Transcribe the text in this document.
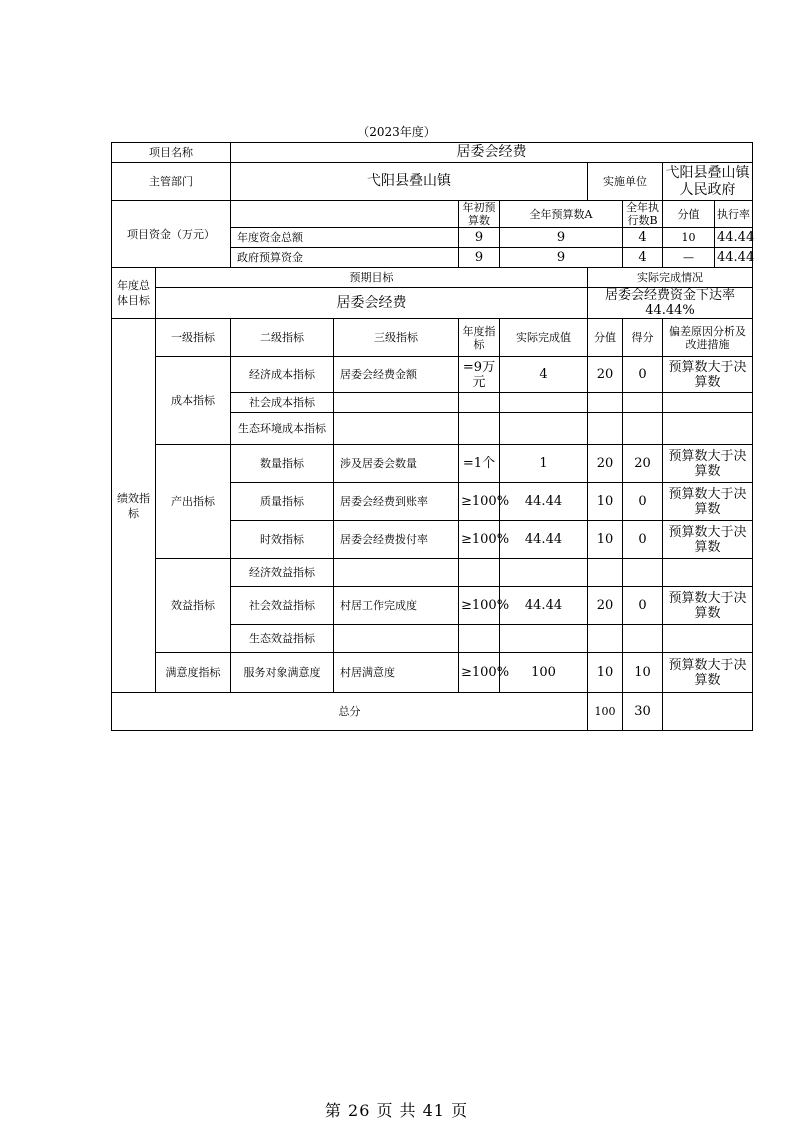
（2023年度）
项目名称		居委会经费								
主管部门		弋阳县叠山镇				实施单位		弋阳县叠山镇人民政府		
项目资金（万元）				年初预算数	全年预算数A		全年执行数B	分值	执行率	
		年度资金总额		9	9		4	10	44.44	
		政府预算资金		9	9		4	—	44.44	
年度总体目标	预期目标					实际完成情况				
	居委会经费					居委会经费资金下达率44.44%				
绩效指标	一级指标	二级指标	三级指标	年度指标	实际完成值	分值	得分	偏差原因分析及改进措施		
	成本指标	经济成本指标	居委会经费金额	=9万元	4	20	0	预算数大于决算数		
		社会成本指标								
		生态环境成本指标								
	产出指标	数量指标	涉及居委会数量	=1个	1	20	20	预算数大于决算数		
		质量指标	居委会经费到账率	≥100%	44.44	10	0	预算数大于决算数		
		时效指标	居委会经费拨付率	≥100%	44.44	10	0	预算数大于决算数		
	效益指标	经济效益指标								
		社会效益指标	村居工作完成度	≥100%	44.44	20	0	预算数大于决算数		
		生态效益指标								
	满意度指标	服务对象满意度	村居满意度	≥100%	100	10	10	预算数大于决算数		
总分						100	30			
第 26 页 共 41 页
